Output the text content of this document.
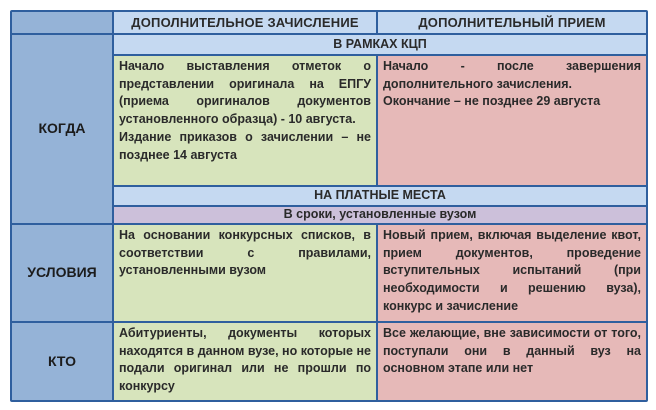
КОГДА
УСЛОВИЯ
КТО
ДОПОЛНИТЕЛЬНОЕ ЗАЧИСЛЕНИЕ	ДОПОЛНИТЕЛЬНЫЙ ПРИЕМ
В РАМКАХ КЦП

Начало выставления отметок о представлении оригинала на ЕПГУ (приема оригиналов документов установленного образца) - 10 августа.

Издание приказов о зачислении – не позднее 14 августа

Начало - после завершения дополнительного зачисления.

Окончание – не позднее 29 августа

НА ПЛАТНЫЕ МЕСТА
В сроки, установленные вузом

На основании конкурсных списков, в соответствии с правилами, установленными вузом

Новый прием, включая выделение квот, прием документов, проведение вступительных испытаний (при необходимости и решению вуза), конкурс и зачисление

Абитуриенты, документы которых находятся в данном вузе, но которые не подали оригинал или не прошли по конкурсу

Все желающие, вне зависимости от того, поступали они в данный вуз на основном этапе или нет
